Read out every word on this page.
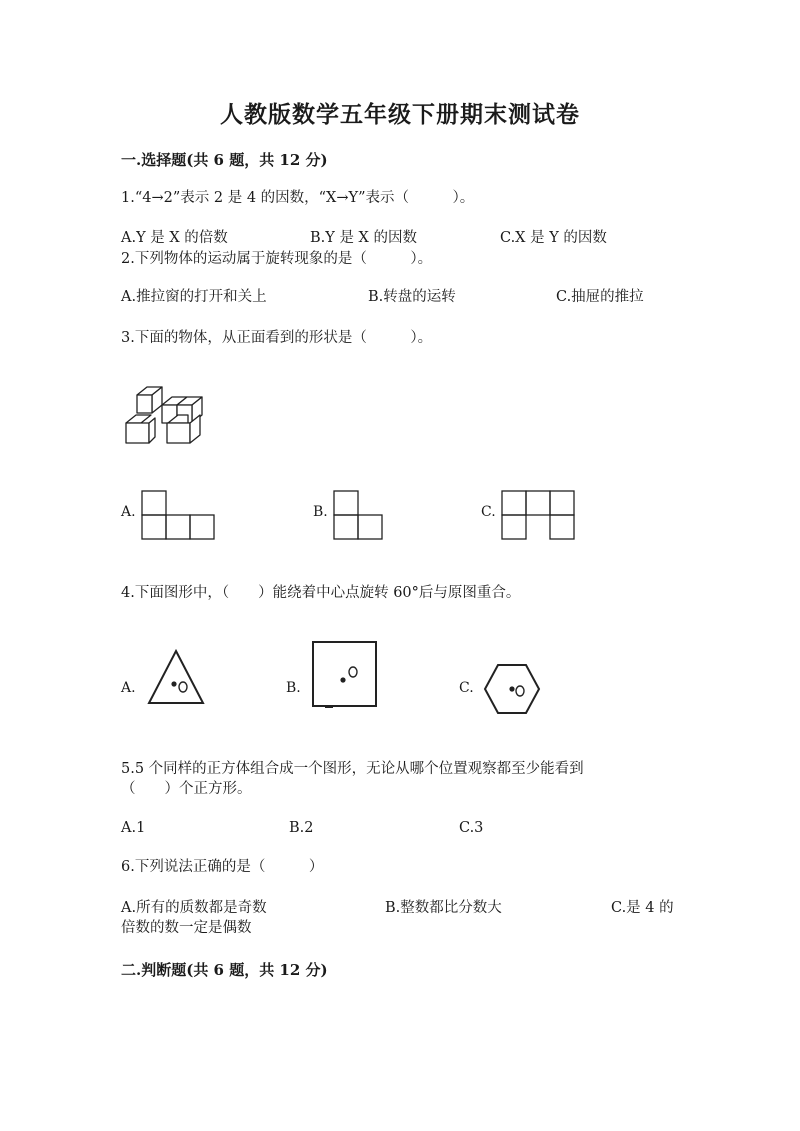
人教版数学五年级下册期末测试卷
一.选择题(共 6 题，共 12 分)
1.“4→2”表示 2 是 4 的因数，“X→Y”表示（　　　）。
A.Y 是 X 的倍数	B.Y 是 X 的因数	C.X 是 Y 的因数
2.下列物体的运动属于旋转现象的是（　　　）。
A.推拉窗的打开和关上	B.转盘的运转	C.抽屉的推拉
3.下面的物体，从正面看到的形状是（　　　）。
A.	B.	C.
4.下面图形中，（　　）能绕着中心点旋转 60°后与原图重合。
A.	B.	C.
5.5 个同样的正方体组合成一个图形，无论从哪个位置观察都至少能看到
（　　）个正方形。
A.1	B.2	C.3
6.下列说法正确的是（　　　）
A.所有的质数都是奇数	B.整数都比分数大	C.是 4 的
倍数的数一定是偶数
二.判断题(共 6 题，共 12 分)
